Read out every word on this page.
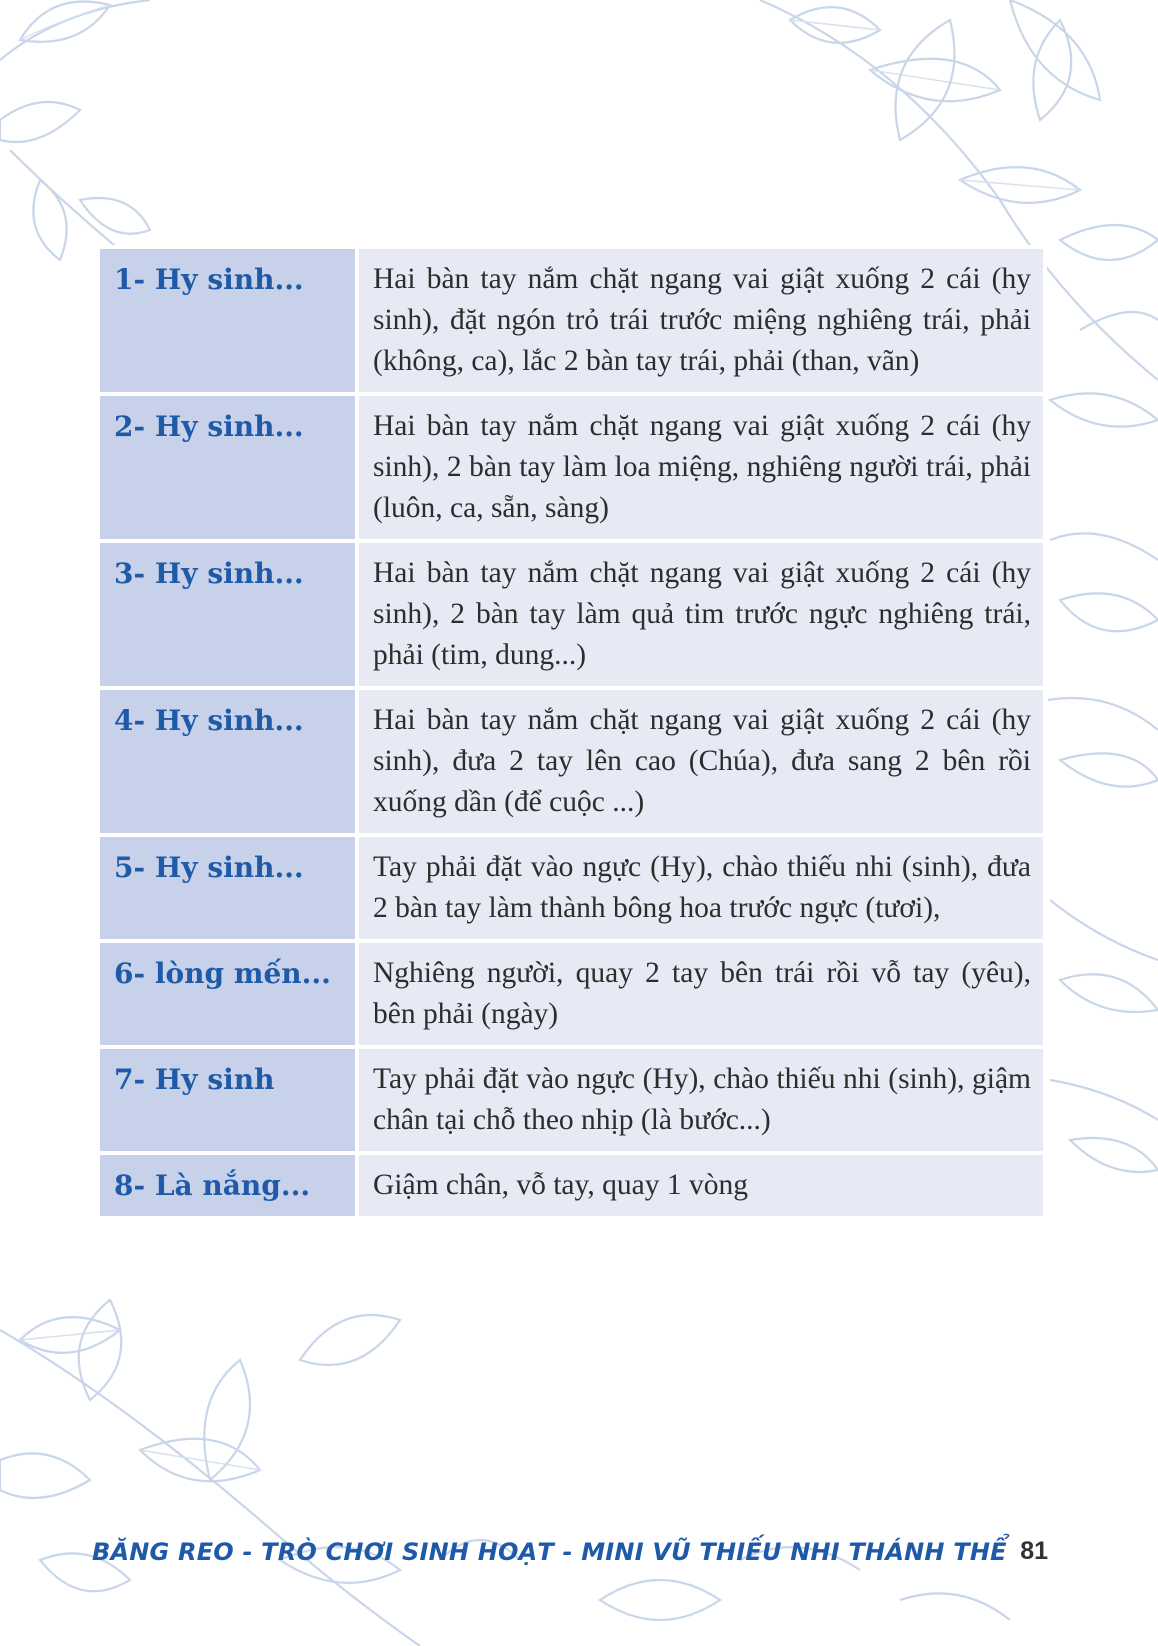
1- Hy sinh...	Hai bàn tay nắm chặt ngang vai giật xuống 2 cái (hy sinh), đặt ngón trỏ trái trước miệng nghiêng trái, phải (không, ca), lắc 2 bàn tay trái, phải (than, vãn)
2- Hy sinh...	Hai bàn tay nắm chặt ngang vai giật xuống 2 cái (hy sinh), 2 bàn tay làm loa miệng, nghiêng người trái, phải (luôn, ca, sẵn, sàng)
3- Hy sinh...	Hai bàn tay nắm chặt ngang vai giật xuống 2 cái (hy sinh), 2 bàn tay làm quả tim trước ngực nghiêng trái, phải (tim, dung...)
4- Hy sinh...	Hai bàn tay nắm chặt ngang vai giật xuống 2 cái (hy sinh), đưa 2 tay lên cao (Chúa), đưa sang 2 bên rồi xuống dần (để cuộc ...)
5- Hy sinh...	Tay phải đặt vào ngực (Hy), chào thiếu nhi (sinh), đưa 2 bàn tay làm thành bông hoa trước ngực (tươi),
6- lòng mến...	Nghiêng người, quay 2 tay bên trái rồi vỗ tay (yêu), bên phải (ngày)
7- Hy sinh	Tay phải đặt vào ngực (Hy), chào thiếu nhi (sinh), giậm chân tại chỗ theo nhịp (là bước...)
8- Là nắng...	Giậm chân, vỗ tay, quay 1 vòng
BĂNG REO - TRÒ CHƠI SINH HOẠT - MINI VŨ THIẾU NHI THÁNH THỂ 81
